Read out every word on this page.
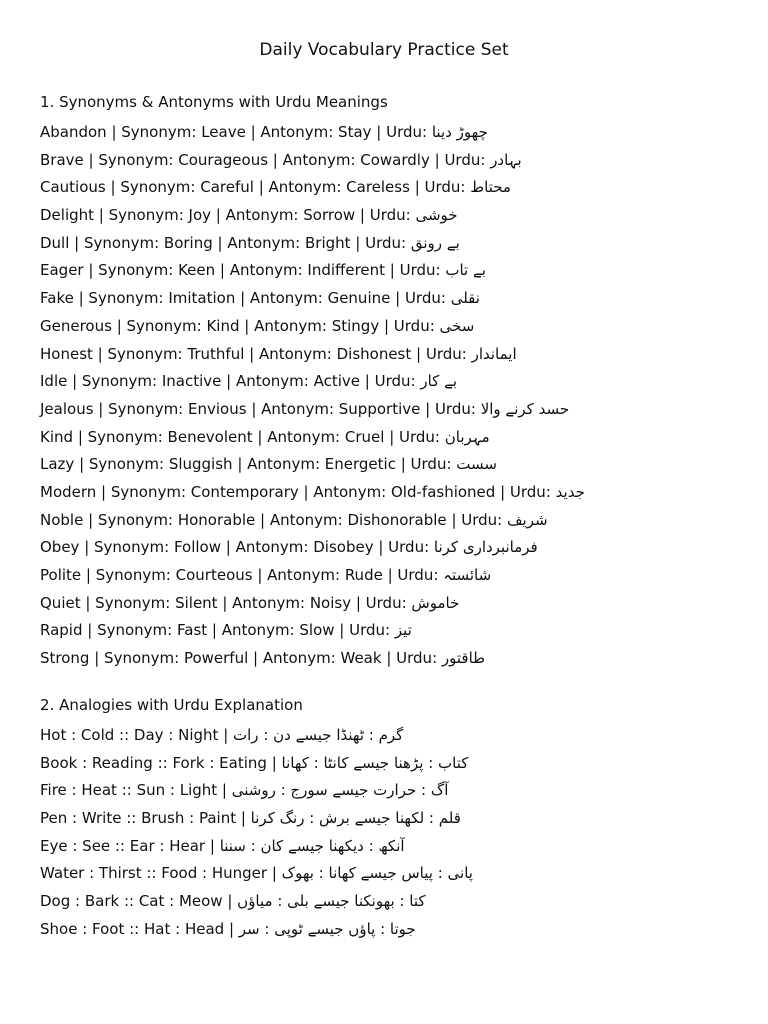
Daily Vocabulary Practice Set
1. Synonyms & Antonyms with Urdu Meanings
Abandon | Synonym: Leave | Antonym: Stay | Urdu: چھوڑ دینا
Brave | Synonym: Courageous | Antonym: Cowardly | Urdu: بہادر
Cautious | Synonym: Careful | Antonym: Careless | Urdu: محتاط
Delight | Synonym: Joy | Antonym: Sorrow | Urdu: خوشی
Dull | Synonym: Boring | Antonym: Bright | Urdu: بے رونق
Eager | Synonym: Keen | Antonym: Indifferent | Urdu: بے تاب
Fake | Synonym: Imitation | Antonym: Genuine | Urdu: نقلی
Generous | Synonym: Kind | Antonym: Stingy | Urdu: سخی
Honest | Synonym: Truthful | Antonym: Dishonest | Urdu: ایماندار
Idle | Synonym: Inactive | Antonym: Active | Urdu: بے کار
Jealous | Synonym: Envious | Antonym: Supportive | Urdu: حسد کرنے والا
Kind | Synonym: Benevolent | Antonym: Cruel | Urdu: مہربان
Lazy | Synonym: Sluggish | Antonym: Energetic | Urdu: سست
Modern | Synonym: Contemporary | Antonym: Old-fashioned | Urdu: جدید
Noble | Synonym: Honorable | Antonym: Dishonorable | Urdu: شریف
Obey | Synonym: Follow | Antonym: Disobey | Urdu: فرمانبرداری کرنا
Polite | Synonym: Courteous | Antonym: Rude | Urdu: شائستہ
Quiet | Synonym: Silent | Antonym: Noisy | Urdu: خاموش
Rapid | Synonym: Fast | Antonym: Slow | Urdu: تیز
Strong | Synonym: Powerful | Antonym: Weak | Urdu: طاقتور
2. Analogies with Urdu Explanation
Hot : Cold :: Day : Night | گرم : ٹھنڈا جیسے دن : رات
Book : Reading :: Fork : Eating | کتاب : پڑھنا جیسے کانٹا : کھانا
Fire : Heat :: Sun : Light | آگ : حرارت جیسے سورج : روشنی
Pen : Write :: Brush : Paint | قلم : لکھنا جیسے برش : رنگ کرنا
Eye : See :: Ear : Hear | آنکھ : دیکھنا جیسے کان : سننا
Water : Thirst :: Food : Hunger | پانی : پیاس جیسے کھانا : بھوک
Dog : Bark :: Cat : Meow | کتا : بھونکنا جیسے بلی : میاؤں
Shoe : Foot :: Hat : Head | جوتا : پاؤں جیسے ٹوپی : سر
